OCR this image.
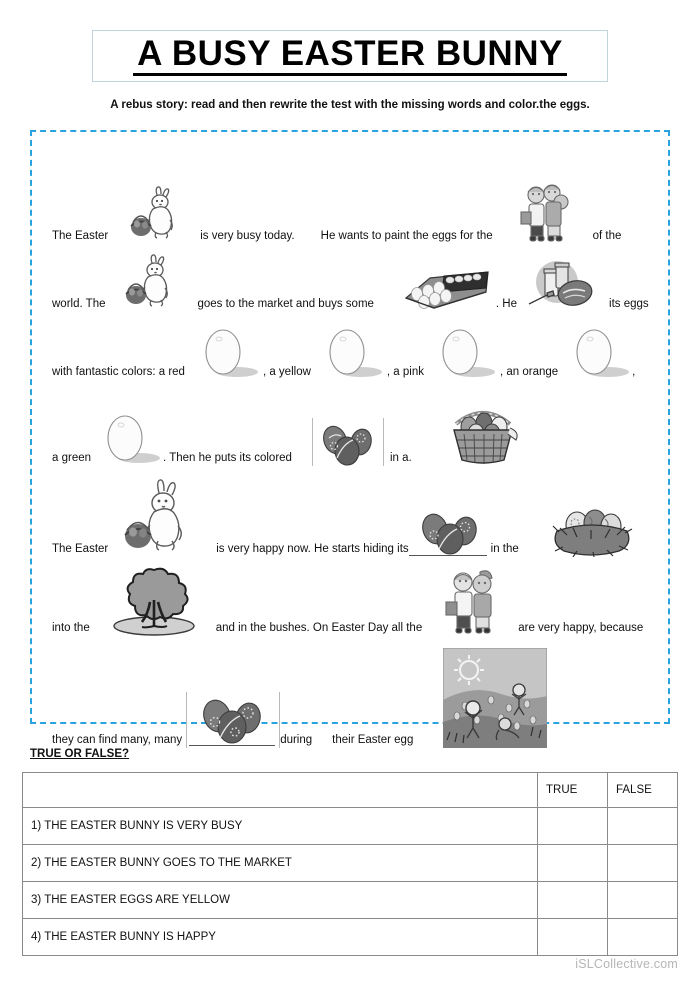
A BUSY EASTER BUNNY
A rebus story: read and then rewrite the test with the missing words and color.the eggs.
The Easter	is very busy today. He wants to paint the eggs for the	of the
world. The	goes to the market and buys some	. He	its eggs
with fantastic colors: a red	, a yellow	, a pink	, an orange	,
a green	. Then he puts its colored	in a.
The Easter	is very happy now. He starts hiding its	in the
into the	and in the bushes. On Easter Day all the	are very happy, because
they can find many, many	during their Easter egg
TRUE OR FALSE?
	TRUE	FALSE
1) THE EASTER BUNNY IS VERY BUSY		
2) THE EASTER BUNNY GOES TO THE MARKET		
3) THE EASTER EGGS ARE YELLOW		
4) THE EASTER BUNNY IS HAPPY		
iSLCollective.com
